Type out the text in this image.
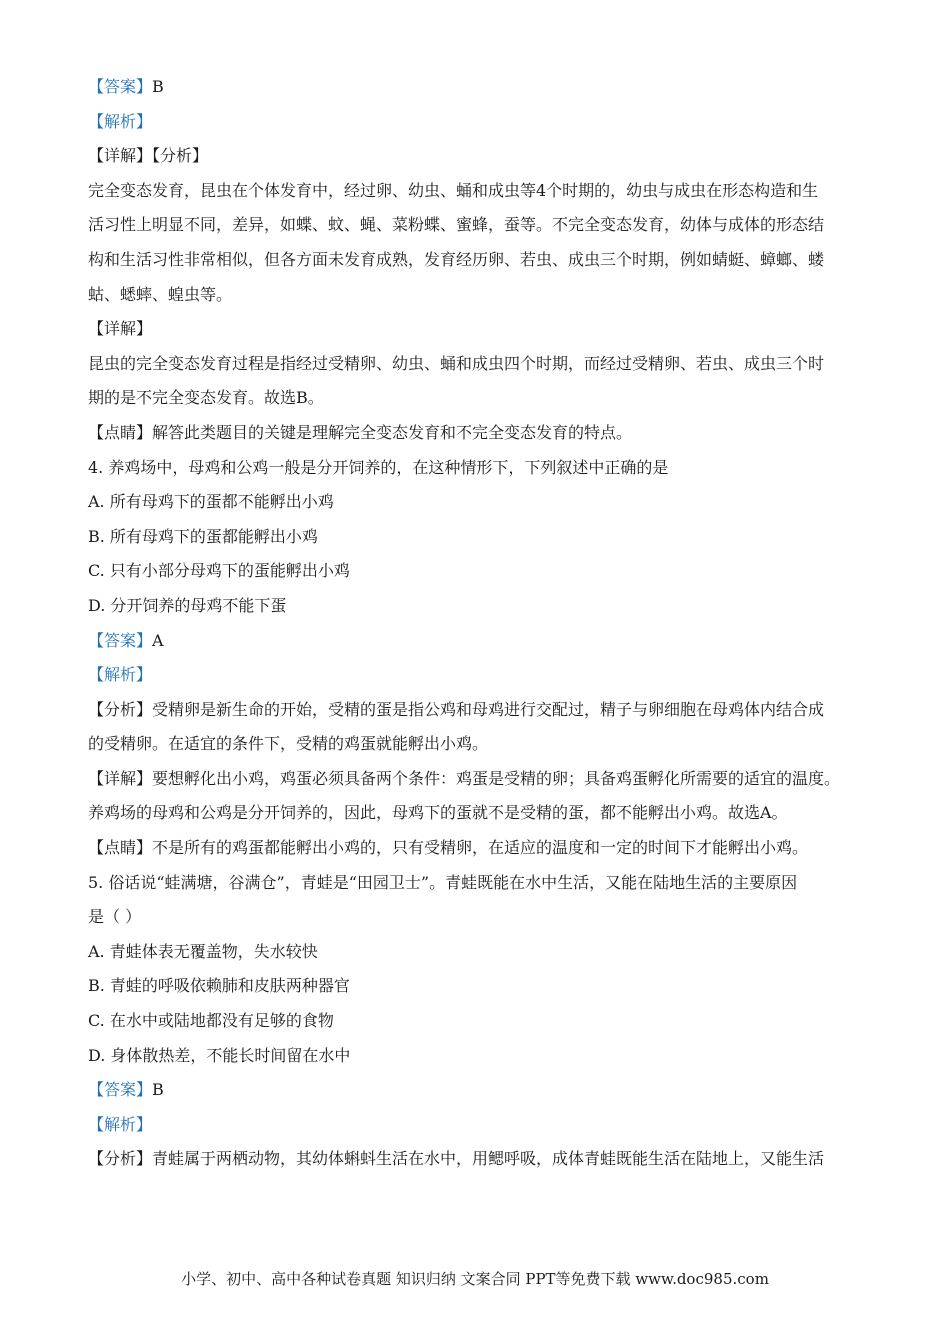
【答案】B
【解析】
【详解】【分析】
完全变态发育，昆虫在个体发育中，经过卵、幼虫、蛹和成虫等4个时期的，幼虫与成虫在形态构造和生
活习性上明显不同，差异，如蝶、蚊、蝇、菜粉蝶、蜜蜂，蚕等。不完全变态发育，幼体与成体的形态结
构和生活习性非常相似，但各方面未发育成熟，发育经历卵、若虫、成虫三个时期，例如蜻蜓、蟑螂、蝼
蛄、蟋蟀、蝗虫等。
【详解】
昆虫的完全变态发育过程是指经过受精卵、幼虫、蛹和成虫四个时期，而经过受精卵、若虫、成虫三个时
期的是不完全变态发育。故选B。
【点睛】解答此类题目的关键是理解完全变态发育和不完全变态发育的特点。
4. 养鸡场中，母鸡和公鸡一般是分开饲养的，在这种情形下，下列叙述中正确的是
A. 所有母鸡下的蛋都不能孵出小鸡
B. 所有母鸡下的蛋都能孵出小鸡
C. 只有小部分母鸡下的蛋能孵出小鸡
D. 分开饲养的母鸡不能下蛋
【答案】A
【解析】
【分析】受精卵是新生命的开始，受精的蛋是指公鸡和母鸡进行交配过，精子与卵细胞在母鸡体内结合成
的受精卵。在适宜的条件下，受精的鸡蛋就能孵出小鸡。
【详解】要想孵化出小鸡，鸡蛋必须具备两个条件：鸡蛋是受精的卵；具备鸡蛋孵化所需要的适宜的温度。
养鸡场的母鸡和公鸡是分开饲养的，因此，母鸡下的蛋就不是受精的蛋，都不能孵出小鸡。故选A。
【点睛】不是所有的鸡蛋都能孵出小鸡的，只有受精卵，在适应的温度和一定的时间下才能孵出小鸡。
5. 俗话说“蛙满塘，谷满仓”，青蛙是“田园卫士”。青蛙既能在水中生活，又能在陆地生活的主要原因
是（ ）
A. 青蛙体表无覆盖物，失水较快
B. 青蛙的呼吸依赖肺和皮肤两种器官
C. 在水中或陆地都没有足够的食物
D. 身体散热差，不能长时间留在水中
【答案】B
【解析】
【分析】青蛙属于两栖动物，其幼体蝌蚪生活在水中，用鳃呼吸，成体青蛙既能生活在陆地上，又能生活
小学、初中、高中各种试卷真题 知识归纳 文案合同 PPT等免费下载 www.doc985.com
